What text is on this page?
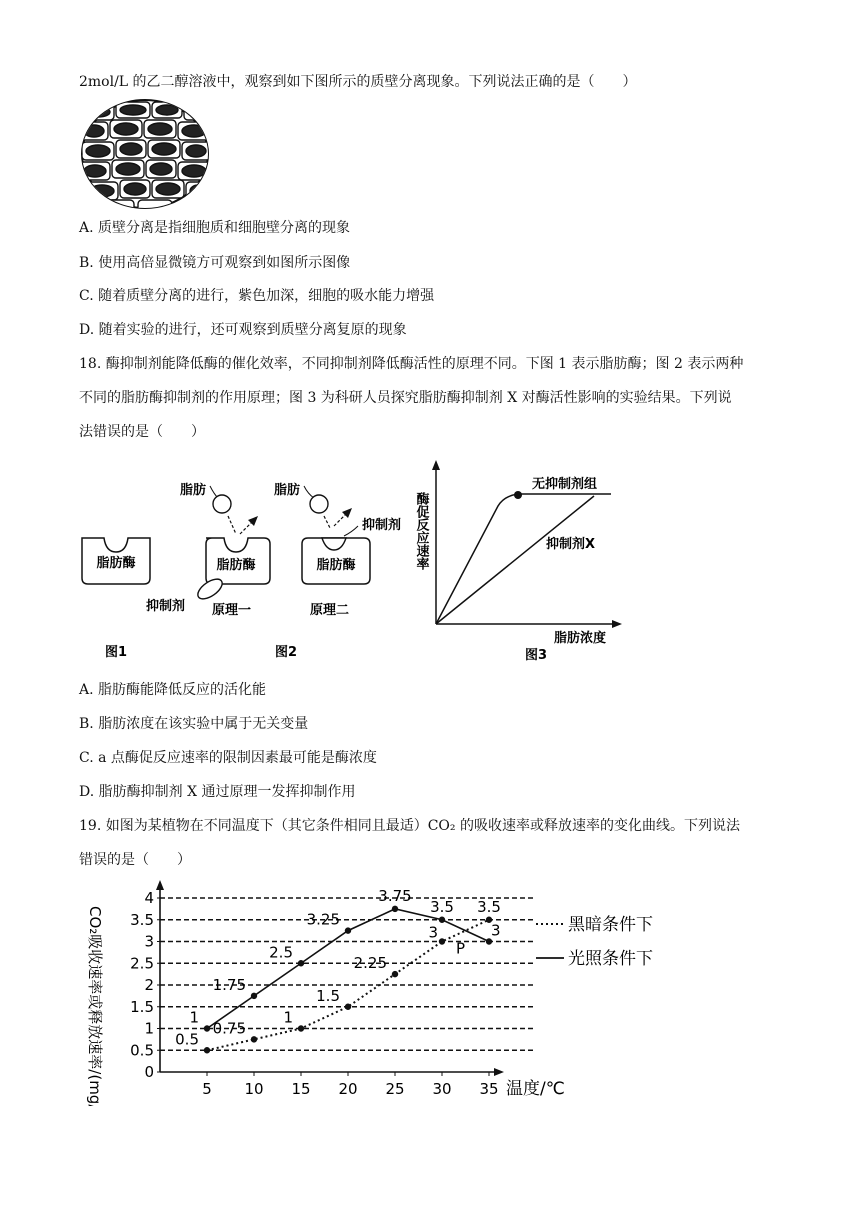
2mol/L 的乙二醇溶液中，观察到如下图所示的质壁分离现象。下列说法正确的是（　　）
A. 质壁分离是指细胞质和细胞壁分离的现象
B. 使用高倍显微镜方可观察到如图所示图像
C. 随着质壁分离的进行，紫色加深，细胞的吸水能力增强
D. 随着实验的进行，还可观察到质壁分离复原的现象
18. 酶抑制剂能降低酶的催化效率，不同抑制剂降低酶活性的原理不同。下图 1 表示脂肪酶；图 2 表示两种
不同的脂肪酶抑制剂的作用原理；图 3 为科研人员探究脂肪酶抑制剂 X 对酶活性影响的实验结果。下列说
法错误的是（　　）
脂肪酶
图1
脂肪
脂肪酶
抑制剂 原理一
脂肪
抑制剂
脂肪酶
原理二
图2
酶促反应速率
脂肪浓度
无抑制剂组
抑制剂X
图3
A. 脂肪酶能降低反应的活化能
B. 脂肪浓度在该实验中属于无关变量
C. a 点酶促反应速率的限制因素最可能是酶浓度
D. 脂肪酶抑制剂 X 通过原理一发挥抑制作用
19. 如图为某植物在不同温度下（其它条件相同且最适）CO₂ 的吸收速率或释放速率的变化曲线。下列说法
错误的是（　　）
CO₂吸收速率或释放速率/(mg/h)	温度/℃
0
0.5
1
1.5
2
2.5
3
3.5
4
5 10 15 20 25 30 35
1
1.75
2.5
3.25
3.75
3.5
3
0.5
0.75
1
1.5
2.25
3
3.5
P
黑暗条件下
光照条件下
